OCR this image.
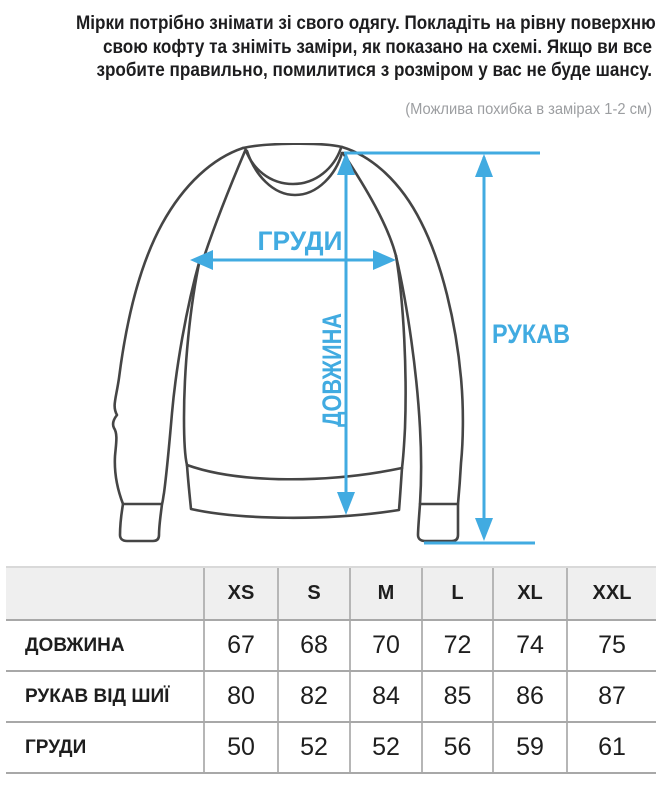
Мірки потрібно знімати зі свого одягу. Покладіть на рівну поверхню
свою кофту та зніміть заміри, як показано на схемі. Якщо ви все
зробите правильно, помилитися з розміром у вас не буде шансу.
(Можлива похибка в замірах 1-2 см)
ГРУДИ
ДОВЖИНА	РУКАВ
	XS	S	M	L	XL	XXL
ДОВЖИНА	67	68	70	72	74	75
РУКАВ ВІД ШИЇ	80	82	84	85	86	87
ГРУДИ	50	52	52	56	59	61
